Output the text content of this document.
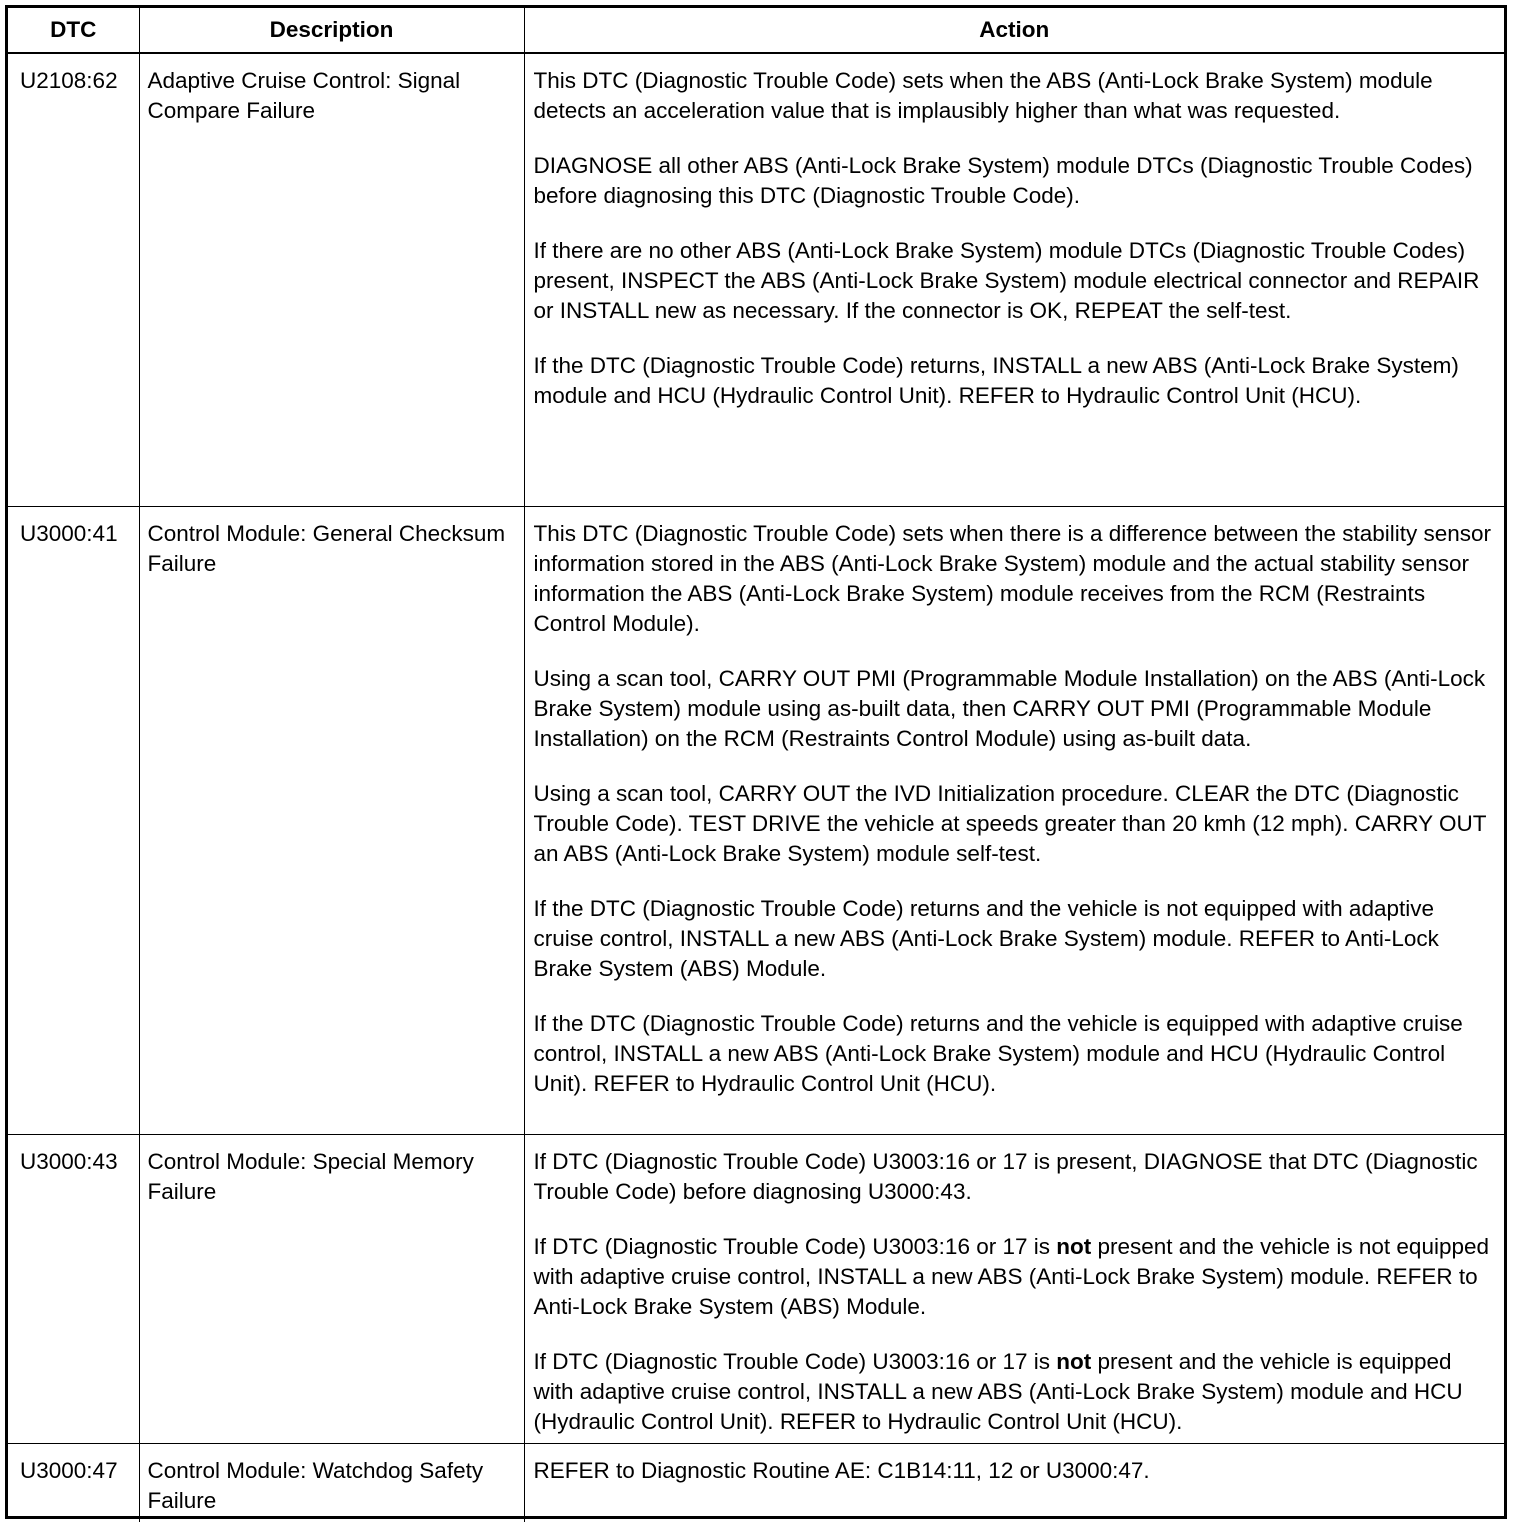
DTC	Description	Action
U2108:62	Adaptive Cruise Control: Signal Compare Failure	This DTC (Diagnostic Trouble Code) sets when the ABS (Anti-Lock Brake System) module detects an acceleration value that is implausibly higher than what was requested.

DIAGNOSE all other ABS (Anti-Lock Brake System) module DTCs (Diagnostic Trouble Codes) before diagnosing this DTC (Diagnostic Trouble Code).

If there are no other ABS (Anti-Lock Brake System) module DTCs (Diagnostic Trouble Codes) present, INSPECT the ABS (Anti-Lock Brake System) module electrical connector and REPAIR or INSTALL new as necessary. If the connector is OK, REPEAT the self-test.

If the DTC (Diagnostic Trouble Code) returns, INSTALL a new ABS (Anti-Lock Brake System) module and HCU (Hydraulic Control Unit). REFER to Hydraulic Control Unit (HCU).

U3000:41	Control Module: General Checksum Failure	This DTC (Diagnostic Trouble Code) sets when there is a difference between the stability sensor information stored in the ABS (Anti-Lock Brake System) module and the actual stability sensor information the ABS (Anti-Lock Brake System) module receives from the RCM (Restraints Control Module).

Using a scan tool, CARRY OUT PMI (Programmable Module Installation) on the ABS (Anti-Lock Brake System) module using as-built data, then CARRY OUT PMI (Programmable Module Installation) on the RCM (Restraints Control Module) using as-built data.

Using a scan tool, CARRY OUT the IVD Initialization procedure. CLEAR the DTC (Diagnostic Trouble Code). TEST DRIVE the vehicle at speeds greater than 20 kmh (12 mph). CARRY OUT an ABS (Anti-Lock Brake System) module self-test.

If the DTC (Diagnostic Trouble Code) returns and the vehicle is not equipped with adaptive cruise control, INSTALL a new ABS (Anti-Lock Brake System) module. REFER to Anti-Lock Brake System (ABS) Module.

If the DTC (Diagnostic Trouble Code) returns and the vehicle is equipped with adaptive cruise control, INSTALL a new ABS (Anti-Lock Brake System) module and HCU (Hydraulic Control Unit). REFER to Hydraulic Control Unit (HCU).

U3000:43	Control Module: Special Memory Failure	If DTC (Diagnostic Trouble Code) U3003:16 or 17 is present, DIAGNOSE that DTC (Diagnostic Trouble Code) before diagnosing U3000:43.

If DTC (Diagnostic Trouble Code) U3003:16 or 17 is not present and the vehicle is not equipped with adaptive cruise control, INSTALL a new ABS (Anti-Lock Brake System) module. REFER to Anti-Lock Brake System (ABS) Module.

If DTC (Diagnostic Trouble Code) U3003:16 or 17 is not present and the vehicle is equipped with adaptive cruise control, INSTALL a new ABS (Anti-Lock Brake System) module and HCU (Hydraulic Control Unit). REFER to Hydraulic Control Unit (HCU).

U3000:47	Control Module: Watchdog Safety Failure	REFER to Diagnostic Routine AE: C1B14:11, 12 or U3000:47.
